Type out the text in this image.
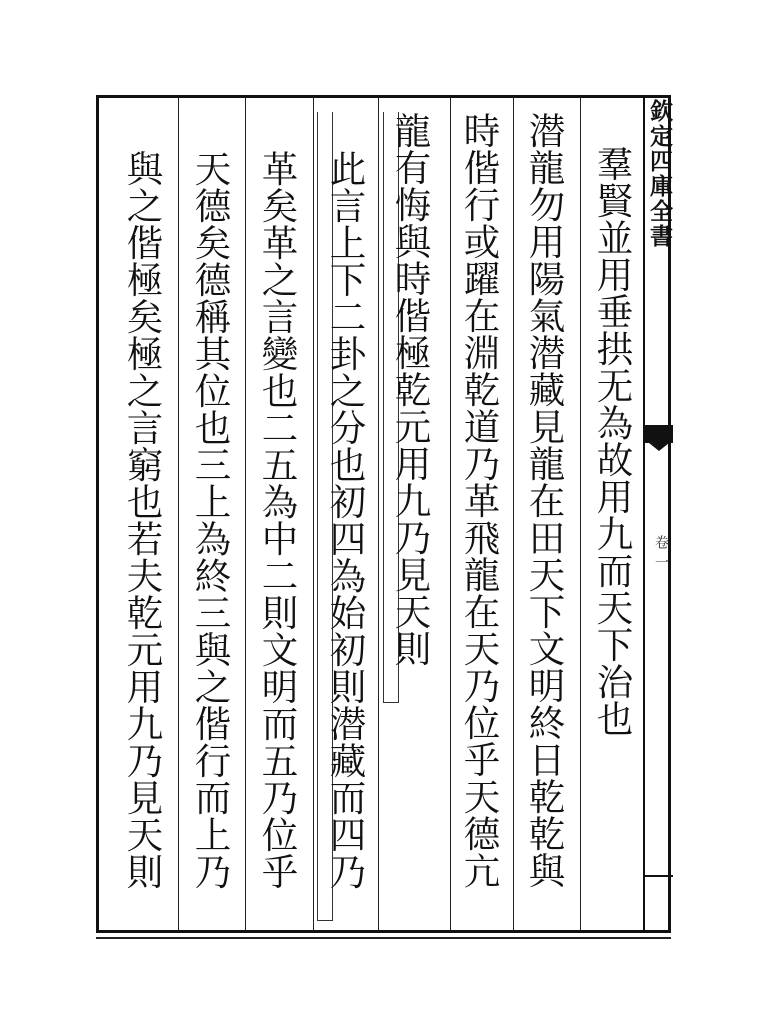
欽定四庫全書
卷一
羣賢並用垂拱无為故用九而天下治也
潜龍勿用陽氣潜藏見龍在田天下文明終日乾乾與
時偕行或躍在淵乾道乃革飛龍在天乃位乎天德亢
龍有悔與時偕極乾元用九乃見天則
此言上下二卦之分也初四為始初則潜藏而四乃
革矣革之言變也二五為中二則文明而五乃位乎
天德矣德稱其位也三上為終三與之偕行而上乃
與之偕極矣極之言窮也若夫乾元用九乃見天則
